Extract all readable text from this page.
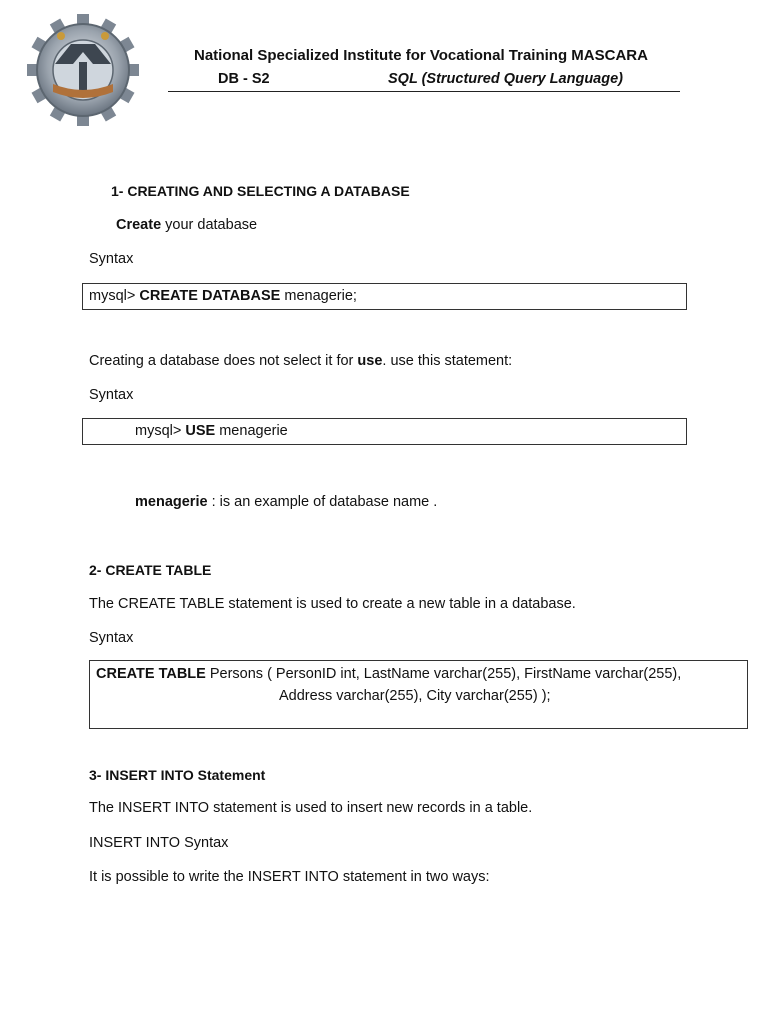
National Specialized Institute for Vocational Training MASCARA
DB - S2	SQL (Structured Query Language)
1- CREATING AND SELECTING A DATABASE
Create your database
Syntax
mysql> CREATE DATABASE menagerie;
Creating a database does not select it for use. use this statement:
Syntax
mysql> USE menagerie
menagerie : is an example of database name .
2- CREATE TABLE
The CREATE TABLE statement is used to create a new table in a database.
Syntax
CREATE TABLE Persons ( PersonID int, LastName varchar(255), FirstName varchar(255),
Address varchar(255), City varchar(255) );
3- INSERT INTO Statement
The INSERT INTO statement is used to insert new records in a table.
INSERT INTO Syntax
It is possible to write the INSERT INTO statement in two ways:
